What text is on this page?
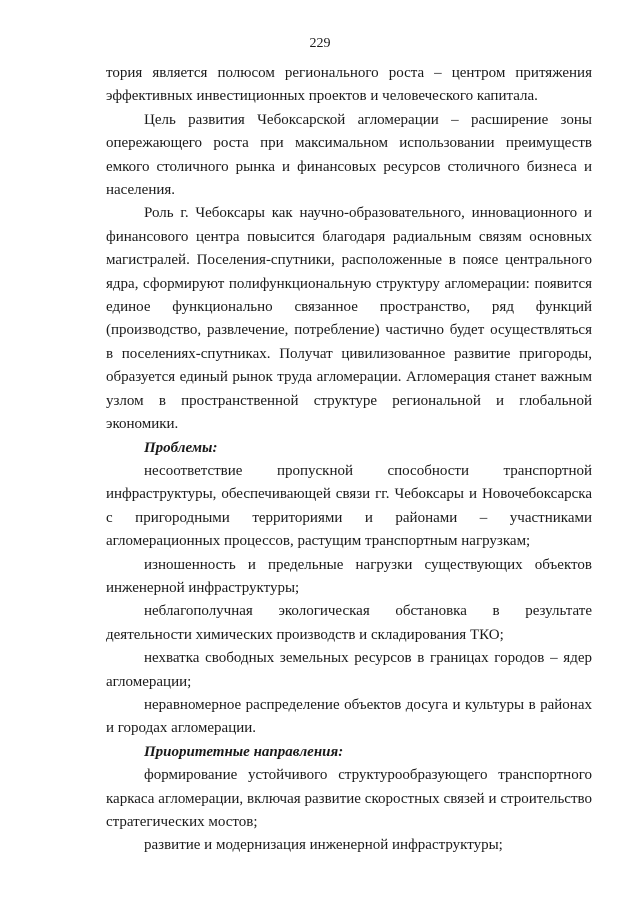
229

тория является полюсом регионального роста – центром притяжения эффективных инвестиционных проектов и человеческого капитала.

Цель развития Чебоксарской агломерации – расширение зоны опережающего роста при максимальном использовании преимуществ емкого столичного рынка и финансовых ресурсов столичного бизнеса и населения.

Роль г. Чебоксары как научно-образовательного, инновационного и финансового центра повысится благодаря радиальным связям основных магистралей. Поселения-спутники, расположенные в поясе центрального ядра, сформируют полифункциональную структуру агломерации: появится единое функционально связанное пространство, ряд функций (производство, развлечение, потребление) частично будет осуществляться в поселениях-спутниках. Получат цивилизованное развитие пригороды, образуется единый рынок труда агломерации. Агломерация станет важным узлом в пространственной структуре региональной и глобальной экономики.

Проблемы:

несоответствие пропускной способности транспортной инфраструктуры, обеспечивающей связи гг. Чебоксары и Новочебоксарска с пригородными территориями и районами – участниками агломерационных процессов, растущим транспортным нагрузкам;

изношенность и предельные нагрузки существующих объектов инженерной инфраструктуры;

неблагополучная экологическая обстановка в результате деятельности химических производств и складирования ТКО;

нехватка свободных земельных ресурсов в границах городов – ядер агломерации;

неравномерное распределение объектов досуга и культуры в районах и городах агломерации.

Приоритетные направления:

формирование устойчивого структурообразующего транспортного каркаса агломерации, включая развитие скоростных связей и строительство стратегических мостов;

развитие и модернизация инженерной инфраструктуры;
